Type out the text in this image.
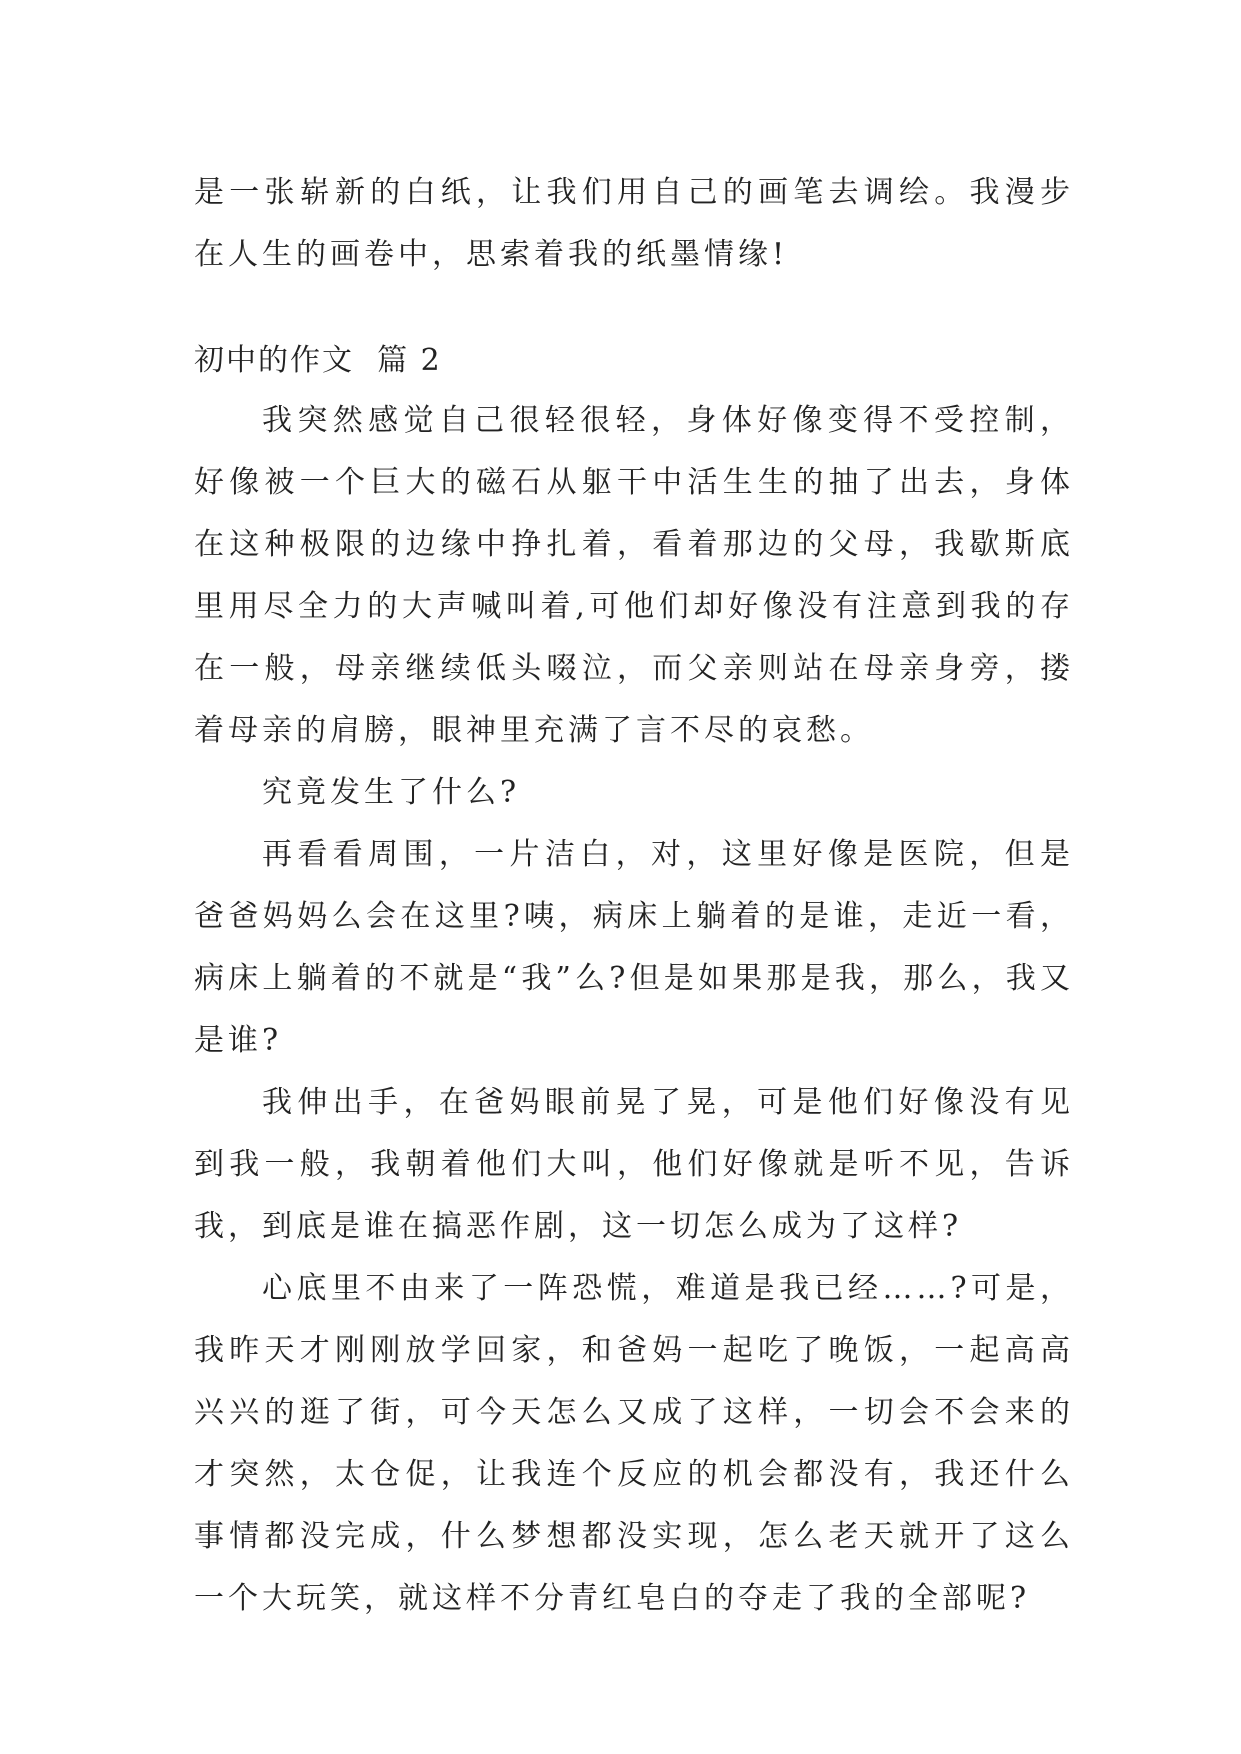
是一张崭新的白纸，让我们用自己的画笔去调绘。我漫步在人生的画卷中，思索着我的纸墨情缘!

初中的作文  篇 2

我突然感觉自己很轻很轻，身体好像变得不受控制，好像被一个巨大的磁石从躯干中活生生的抽了出去，身体在这种极限的边缘中挣扎着，看着那边的父母，我歇斯底里用尽全力的大声喊叫着,可他们却好像没有注意到我的存在一般，母亲继续低头啜泣，而父亲则站在母亲身旁，搂着母亲的肩膀，眼神里充满了言不尽的哀愁。

究竟发生了什么?

再看看周围，一片洁白，对，这里好像是医院，但是爸爸妈妈么会在这里?咦，病床上躺着的是谁，走近一看，病床上躺着的不就是“我”么?但是如果那是我，那么，我又是谁?

我伸出手，在爸妈眼前晃了晃，可是他们好像没有见到我一般，我朝着他们大叫，他们好像就是听不见，告诉我，到底是谁在搞恶作剧，这一切怎么成为了这样?

心底里不由来了一阵恐慌，难道是我已经……?可是，我昨天才刚刚放学回家，和爸妈一起吃了晚饭，一起高高兴兴的逛了街，可今天怎么又成了这样，一切会不会来的才突然，太仓促，让我连个反应的机会都没有，我还什么事情都没完成，什么梦想都没实现，怎么老天就开了这么一个大玩笑，就这样不分青红皂白的夺走了我的全部呢?
